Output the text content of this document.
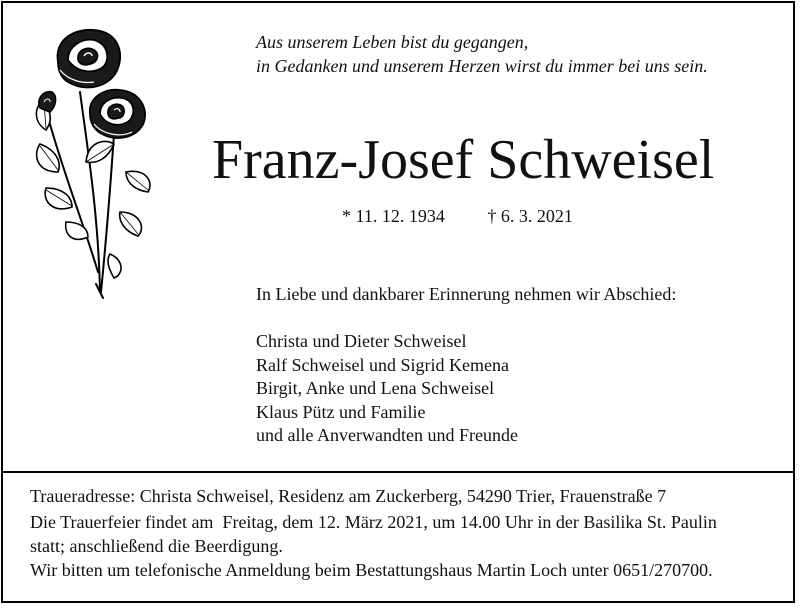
Aus unserem Leben bist du gegangen,
in Gedanken und unserem Herzen wirst du immer bei uns sein.
Franz-Josef Schweisel
* 11. 12. 1934 † 6. 3. 2021
In Liebe und dankbarer Erinnerung nehmen wir Abschied:
Christa und Dieter Schweisel
Ralf Schweisel und Sigrid Kemena
Birgit, Anke und Lena Schweisel
Klaus Pütz und Familie
und alle Anverwandten und Freunde
Traueradresse: Christa Schweisel, Residenz am Zuckerberg, 54290 Trier, Frauenstraße 7
Die Trauerfeier findet am  Freitag, dem 12. März 2021, um 14.00 Uhr in der Basilika St. Paulin
statt; anschließend die Beerdigung.
Wir bitten um telefonische Anmeldung beim Bestattungshaus Martin Loch unter 0651/270700.
